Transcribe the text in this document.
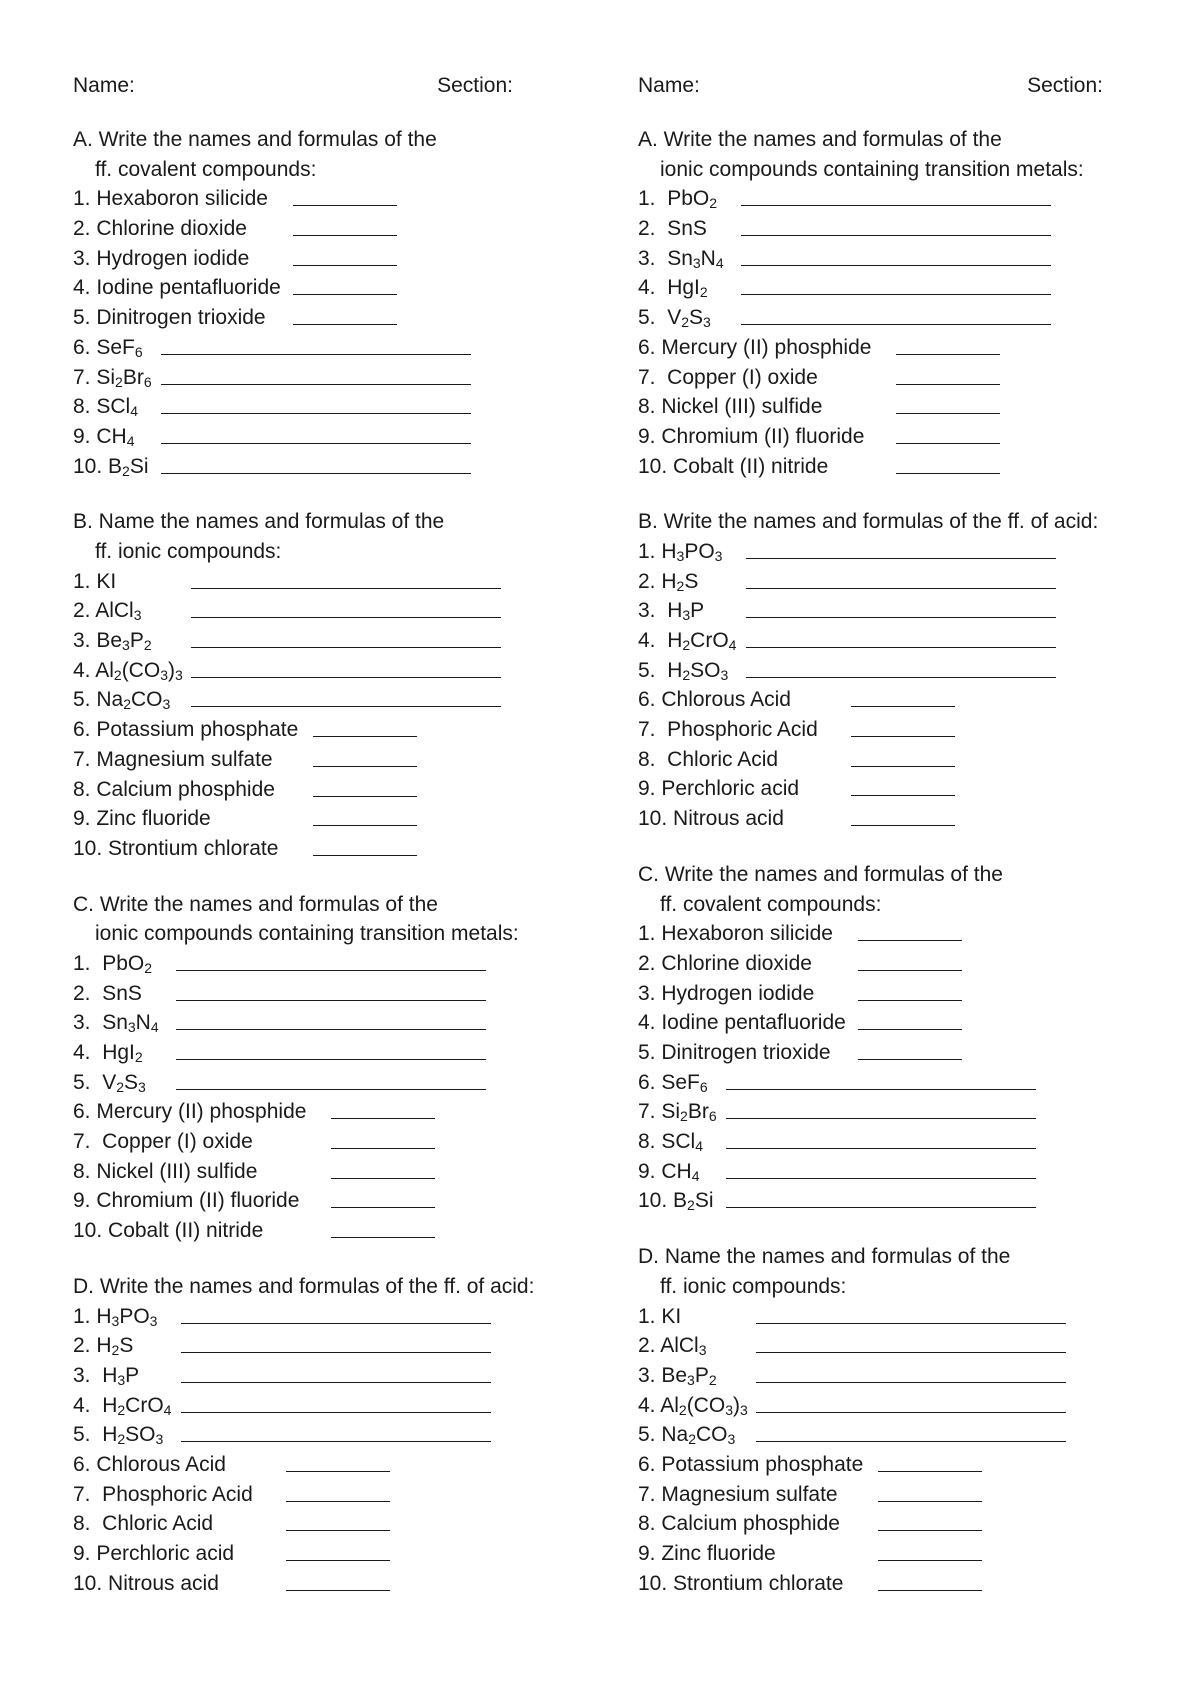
Name:	Section:
A. Write the names and formulas of the
ff. covalent compounds:
1. Hexaboron silicide
2. Chlorine dioxide
3. Hydrogen iodide
4. Iodine pentafluoride
5. Dinitrogen trioxide
6. SeF$_6$
7. $Si_2Br_6$
8. SCl$_4$
9. $CH_4$
10. $B_2Si$
B. Name the names and formulas of the
ff. ionic compounds:
1. KI
2. AlCl$_3$
3. $Be_3P_2$
4. $Al_2(CO_3)_3$
5. $Na_2CO_3$
6. Potassium phosphate
7. Magnesium sulfate
8. Calcium phosphide
9. Zinc fluoride
10. Strontium chlorate
C. Write the names and formulas of the
ionic compounds containing transition metals:
1.  PbO$_2$
2.  SnS
3.  $Sn_3N_4$
4.  HgI$_2$
5.  $V_2S_3$
6. Mercury (II) phosphide
7.  Copper (I) oxide
8. Nickel (III) sulfide
9. Chromium (II) fluoride
10. Cobalt (II) nitride
D. Write the names and formulas of the ff. of acid:
1. $H_3PO_3$
2. $H_2S$
3.  $H_3P$
4.  $H_2CrO_4$
5.  $H_2SO_3$
6. Chlorous Acid
7.  Phosphoric Acid
8.  Chloric Acid
9. Perchloric acid
10. Nitrous acid
Name:	Section:
A. Write the names and formulas of the
ionic compounds containing transition metals:
1.  PbO$_2$
2.  SnS
3.  $Sn_3N_4$
4.  HgI$_2$
5.  $V_2S_3$
6. Mercury (II) phosphide
7.  Copper (I) oxide
8. Nickel (III) sulfide
9. Chromium (II) fluoride
10. Cobalt (II) nitride
B. Write the names and formulas of the ff. of acid:
1. $H_3PO_3$
2. $H_2S$
3.  $H_3P$
4.  $H_2CrO_4$
5.  $H_2SO_3$
6. Chlorous Acid
7.  Phosphoric Acid
8.  Chloric Acid
9. Perchloric acid
10. Nitrous acid
C. Write the names and formulas of the
ff. covalent compounds:
1. Hexaboron silicide
2. Chlorine dioxide
3. Hydrogen iodide
4. Iodine pentafluoride
5. Dinitrogen trioxide
6. SeF$_6$
7. $Si_2Br_6$
8. SCl$_4$
9. $CH_4$
10. $B_2Si$
D. Name the names and formulas of the
ff. ionic compounds:
1. KI
2. AlCl$_3$
3. $Be_3P_2$
4. $Al_2(CO_3)_3$
5. $Na_2CO_3$
6. Potassium phosphate
7. Magnesium sulfate
8. Calcium phosphide
9. Zinc fluoride
10. Strontium chlorate
